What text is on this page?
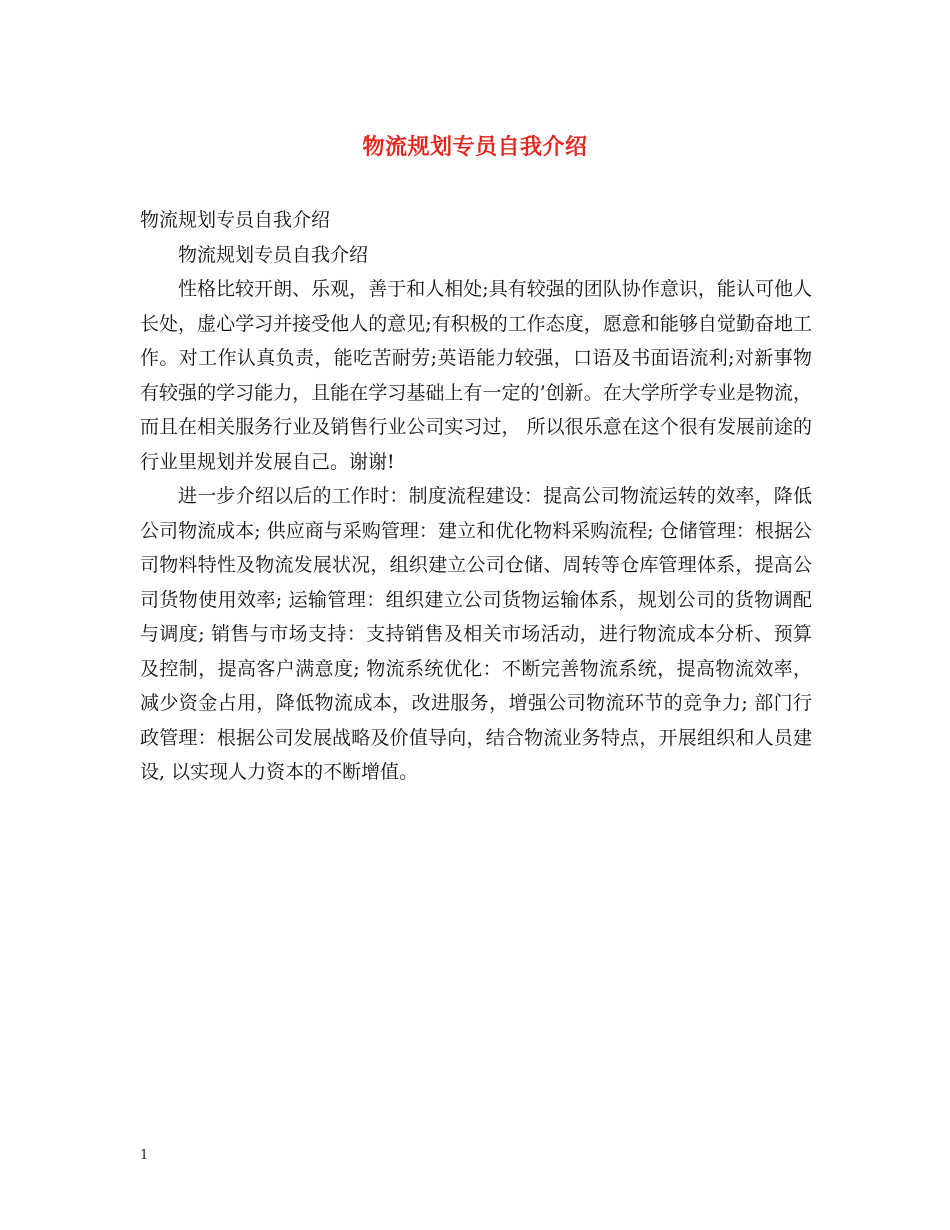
物流规划专员自我介绍

物流规划专员自我介绍

物流规划专员自我介绍

性格比较开朗、乐观，善于和人相处;具有较强的团队协作意识，能认可他人长处，虚心学习并接受他人的意见;有积极的工作态度，愿意和能够自觉勤奋地工作。对工作认真负责，能吃苦耐劳;英语能力较强，口语及书面语流利;对新事物有较强的学习能力，且能在学习基础上有一定的’创新。在大学所学专业是物流， 而且在相关服务行业及销售行业公司实习过， 所以很乐意在这个很有发展前途的行业里规划并发展自己。谢谢!

进一步介绍以后的工作时：制度流程建设：提高公司物流运转的效率，降低公司物流成本; 供应商与采购管理：建立和优化物料采购流程; 仓储管理：根据公司物料特性及物流发展状况，组织建立公司仓储、周转等仓库管理体系，提高公司货物使用效率; 运输管理：组织建立公司货物运输体系，规划公司的货物调配与调度; 销售与市场支持：支持销售及相关市场活动，进行物流成本分析、预算及控制，提高客户满意度; 物流系统优化：不断完善物流系统，提高物流效率，减少资金占用，降低物流成本，改进服务，增强公司物流环节的竞争力; 部门行政管理：根据公司发展战略及价值导向，结合物流业务特点，开展组织和人员建设, 以实现人力资本的不断增值。

1
